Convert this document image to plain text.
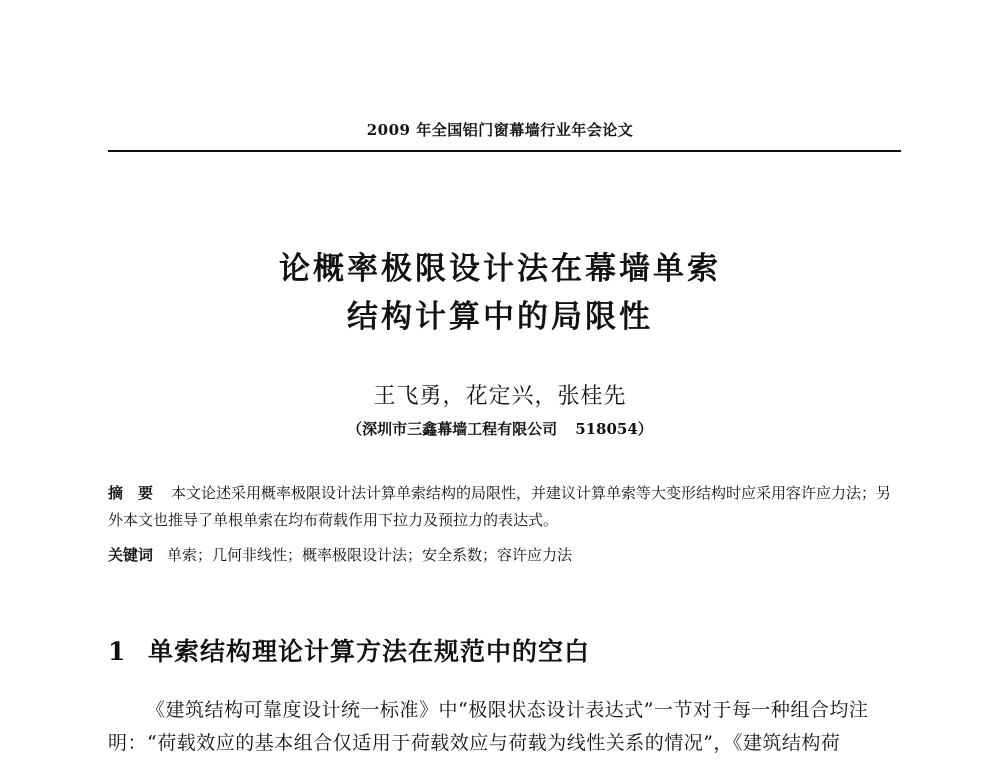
2009 年全国铝门窗幕墙行业年会论文
论概率极限设计法在幕墙单索
结构计算中的局限性
王飞勇，花定兴，张桂先
（深圳市三鑫幕墙工程有限公司 518054）
摘　要 本文论述采用概率极限设计法计算单索结构的局限性，并建议计算单索等大变形结构时应采用容许应力法；另外本文也推导了单根单索在均布荷载作用下拉力及预拉力的表达式。
关键词 单索；几何非线性；概率极限设计法；安全系数；容许应力法
1 单索结构理论计算方法在规范中的空白
《建筑结构可靠度设计统一标准》中“极限状态设计表达式”一节对于每一种组合均注明：“荷载效应的基本组合仅适用于荷载效应与荷载为线性关系的情况”，《建筑结构荷
